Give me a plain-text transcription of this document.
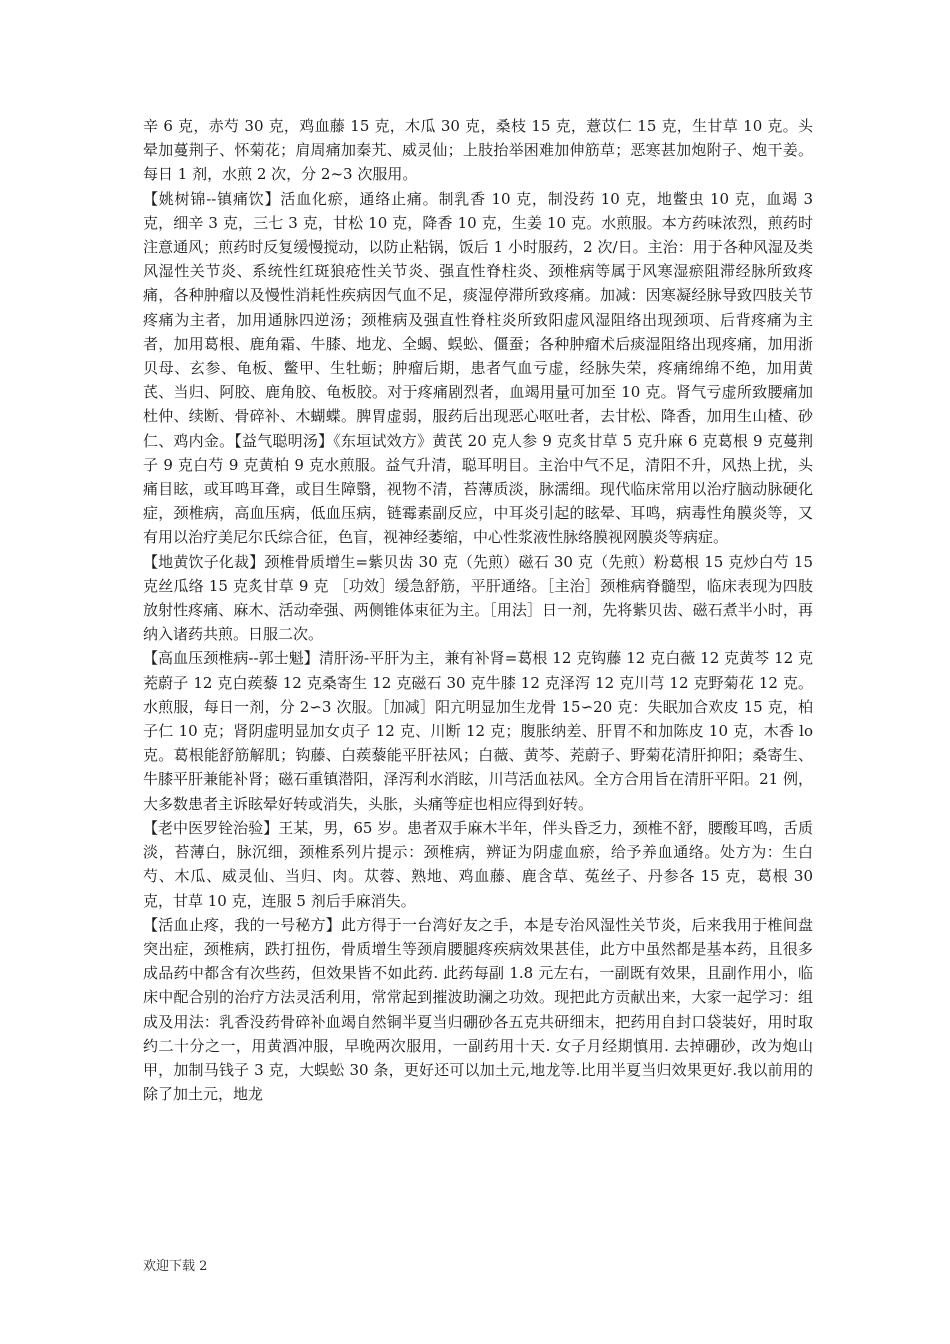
辛 6 克，赤芍 30 克，鸡血藤 15 克，木瓜 30 克，桑枝 15 克，薏苡仁 15 克，生甘草 10 克。头晕加蔓荆子、怀菊花；肩周痛加秦艽、威灵仙；上肢抬举困难加伸筋草；恶寒甚加炮附子、炮干姜。每日 1 剂，水煎 2 次，分 2~3 次服用。

【姚树锦--镇痛饮】活血化瘀，通络止痛。制乳香 10 克，制没药 10 克，地鳖虫 10 克，血竭 3 克，细辛 3 克，三七 3 克，甘松 10 克，降香 10 克，生姜 10 克。水煎服。本方药味浓烈，煎药时注意通风；煎药时反复缓慢搅动，以防止粘锅，饭后 1 小时服药，2 次/日。主治：用于各种风湿及类风湿性关节炎、系统性红斑狼疮性关节炎、强直性脊柱炎、颈椎病等属于风寒湿瘀阻滞经脉所致疼痛，各种肿瘤以及慢性消耗性疾病因气血不足，痰湿停滞所致疼痛。加减：因寒凝经脉导致四肢关节疼痛为主者，加用通脉四逆汤；颈椎病及强直性脊柱炎所致阳虚风湿阻络出现颈项、后背疼痛为主者，加用葛根、鹿角霜、牛膝、地龙、全蝎、蜈蚣、僵蚕；各种肿瘤术后痰湿阻络出现疼痛，加用浙贝母、玄参、龟板、鳖甲、生牡蛎；肿瘤后期，患者气血亏虚，经脉失荣，疼痛绵绵不绝，加用黄芪、当归、阿胶、鹿角胶、龟板胶。对于疼痛剧烈者，血竭用量可加至 10 克。肾气亏虚所致腰痛加杜仲、续断、骨碎补、木蝴蝶。脾胃虚弱，服药后出现恶心呕吐者，去甘松、降香，加用生山楂、砂仁、鸡内金。【益气聪明汤】《东垣试效方》黄芪 20 克人参 9 克炙甘草 5 克升麻 6 克葛根 9 克蔓荆子 9 克白芍 9 克黄柏 9 克水煎服。益气升清，聪耳明目。主治中气不足，清阳不升，风热上扰，头痛目眩，或耳鸣耳聋，或目生障翳，视物不清，苔薄质淡，脉濡细。现代临床常用以治疗脑动脉硬化症，颈椎病，高血压病，低血压病，链霉素副反应，中耳炎引起的眩晕、耳鸣，病毒性角膜炎等，又有用以治疗美尼尔氏综合征，色盲，视神经萎缩，中心性浆液性脉络膜视网膜炎等病症。

【地黄饮子化裁】颈椎骨质增生=紫贝齿 30 克（先煎）磁石 30 克（先煎）粉葛根 15 克炒白芍 15 克丝瓜络 15 克炙甘草 9 克 ［功效］缓急舒筋，平肝通络。［主治］颈椎病脊髓型，临床表现为四肢放射性疼痛、麻木、活动牵强、两侧锥体束征为主。［用法］日一剂，先将紫贝齿、磁石煮半小时，再纳入诸药共煎。日服二次。

【高血压颈椎病--郭士魁】清肝汤-平肝为主，兼有补肾=葛根 12 克钩藤 12 克白薇 12 克黄芩 12 克茺蔚子 12 克白蒺藜 12 克桑寄生 12 克磁石 30 克牛膝 12 克泽泻 12 克川芎 12 克野菊花 12 克。水煎服，每日一剂，分 2∽3 次服。［加减］阳亢明显加生龙骨 15∽20 克：失眠加合欢皮 15 克，柏子仁 10 克；肾阴虚明显加女贞子 12 克、川断 12 克；腹胀纳差、肝胃不和加陈皮 10 克，木香 lo 克。葛根能舒筋解肌；钩藤、白蒺藜能平肝祛风；白薇、黄芩、茺蔚子、野菊花清肝抑阳；桑寄生、牛膝平肝兼能补肾；磁石重镇潜阳，泽泻利水消眩，川芎活血祛风。全方合用旨在清肝平阳。21 例，大多数患者主诉眩晕好转或消失，头胀，头痛等症也相应得到好转。

【老中医罗铨治验】王某，男，65 岁。患者双手麻木半年，伴头昏乏力，颈椎不舒，腰酸耳鸣，舌质淡，苔薄白，脉沉细，颈椎系列片提示：颈椎病，辨证为阴虚血瘀，给予养血通络。处方为：生白芍、木瓜、威灵仙、当归、肉。苁蓉、熟地、鸡血藤、鹿含草、菟丝子、丹参各 15 克，葛根 30 克，甘草 10 克，连服 5 剂后手麻消失。

【活血止疼，我的一号秘方】此方得于一台湾好友之手，本是专治风湿性关节炎，后来我用于椎间盘突出症，颈椎病，跌打扭伤，骨质增生等颈肩腰腿疼疾病效果甚佳，此方中虽然都是基本药，且很多成品药中都含有次些药，但效果皆不如此药. 此药每副 1.8 元左右，一副既有效果，且副作用小，临床中配合别的治疗方法灵活利用，常常起到摧波助澜之功效。现把此方贡献出来，大家一起学习：组成及用法：乳香没药骨碎补血竭自然铜半夏当归硼砂各五克共研细末，把药用自封口袋装好，用时取约二十分之一，用黄酒冲服，早晚两次服用，一副药用十天. 女子月经期慎用. 去掉硼砂，改为炮山甲，加制马钱子 3 克，大蜈蚣 30 条，更好还可以加土元,地龙等.比用半夏当归效果更好.我以前用的除了加土元，地龙

欢迎下载 2
